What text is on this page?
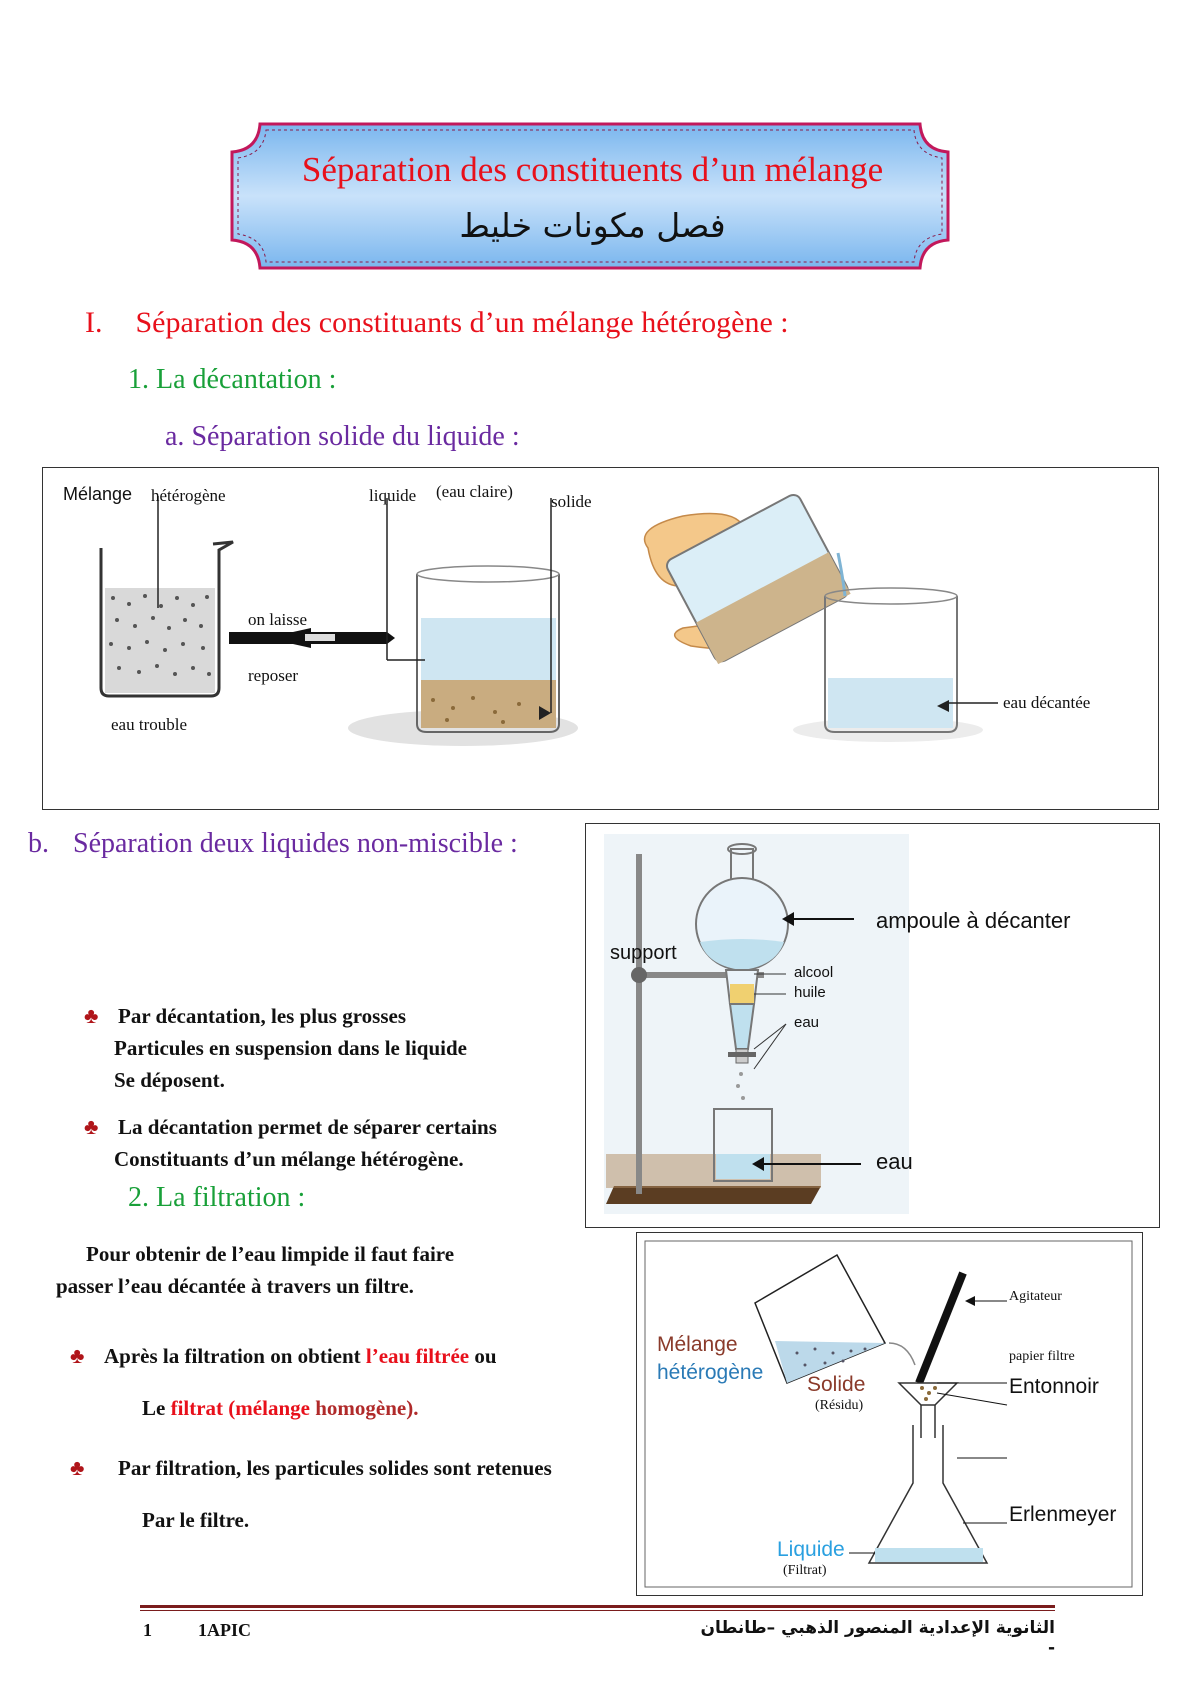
Séparation des constituents d’un mélange
فصل مكونات خليط
I. Séparation des constituants d’un mélange hétérogène :
1. La décantation :
a. Séparation solide du liquide :
Mélange hétérogène
eau trouble
on laisse
reposer
liquide (eau claire)
solide
eau décantée
b. Séparation deux liquides non-miscible :
support
ampoule à décanter
alcool
huile
eau
eau
♣ Par décantation, les plus grosses
Particules en suspension dans le liquide
Se déposent.
♣ La décantation permet de séparer certains
Constituants d’un mélange hétérogène.
2. La filtration :
Pour obtenir de l’eau limpide il faut faire
passer l’eau décantée à travers un filtre.
♣ Après la filtration on obtient l’eau filtrée ou
Le filtrat (mélange homogène).
♣ Par filtration, les particules solides sont retenues
Par le filtre.
Agitateur
Mélange
hétérogène
Solide
(Résidu)
papier filtre
Entonnoir
Erlenmeyer
Liquide
(Filtrat)
1	1APIC	الثانوية الإعدادية المنصور الذهبي –طانطان -
